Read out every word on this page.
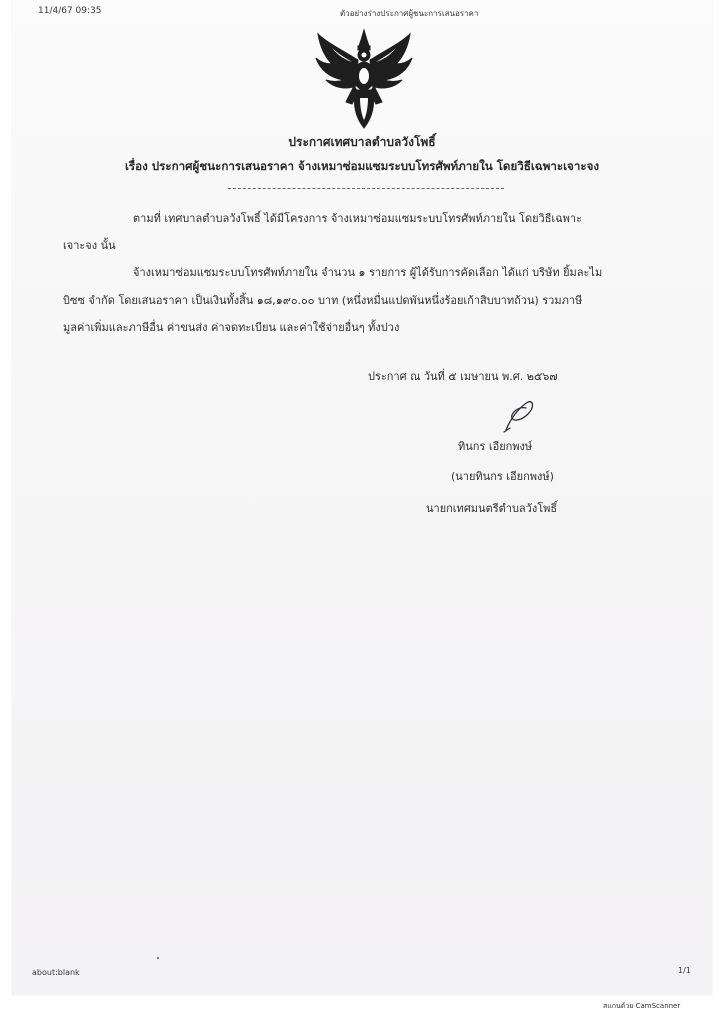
11/4/67 09:35	ตัวอย่างร่างประกาศผู้ชนะการเสนอราคา
ประกาศเทศบาลตำบลวังโพธิ์
เรื่อง ประกาศผู้ชนะการเสนอราคา จ้างเหมาซ่อมแซมระบบโทรศัพท์ภายใน โดยวิธีเฉพาะเจาะจง
ตามที่ เทศบาลตำบลวังโพธิ์ ได้มีโครงการ จ้างเหมาซ่อมแซมระบบโทรศัพท์ภายใน โดยวิธีเฉพาะ
เจาะจง นั้น
จ้างเหมาซ่อมแซมระบบโทรศัพท์ภายใน จำนวน ๑ รายการ ผู้ได้รับการคัดเลือก ได้แก่ บริษัท ยิ้มละไม
บิซซ จำกัด โดยเสนอราคา เป็นเงินทั้งสิ้น ๑๘,๑๙๐.๐๐ บาท (หนึ่งหมื่นแปดพันหนึ่งร้อยเก้าสิบบาทถ้วน) รวมภาษี
มูลค่าเพิ่มและภาษีอื่น ค่าขนส่ง ค่าจดทะเบียน และค่าใช้จ่ายอื่นๆ ทั้งปวง
ประกาศ ณ วันที่ ๕ เมษายน พ.ศ. ๒๕๖๗
ทินกร เอียกพงษ์
(นายทินกร เอียกพงษ์)
นายกเทศมนตรีตำบลวังโพธิ์
about:blank	1/1
สแกนด้วย CamScanner
